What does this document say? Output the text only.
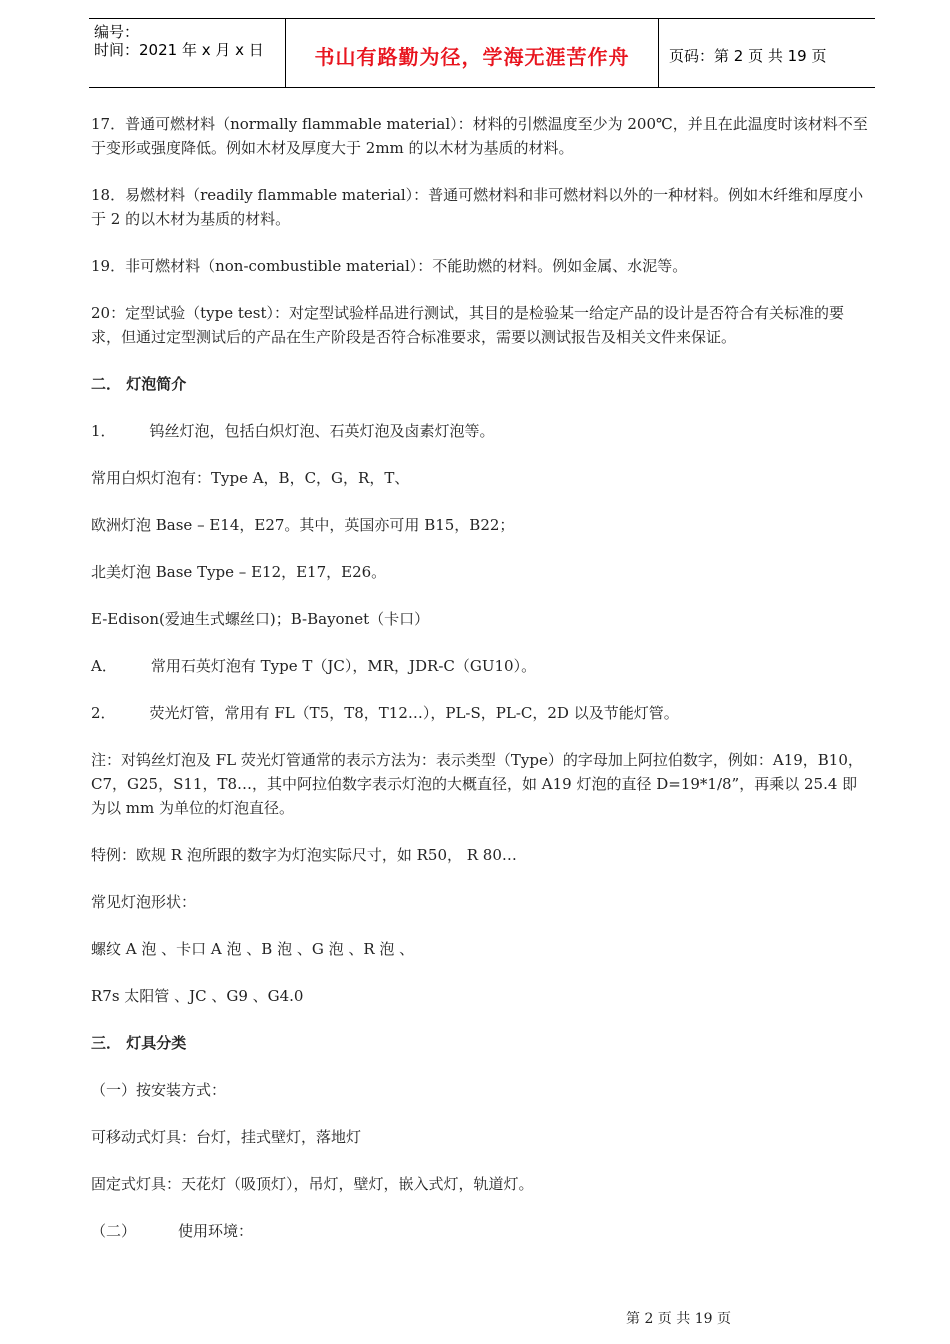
编号：
时间：2021 年 x 月 x 日	书山有路勤为径，学海无涯苦作舟	页码：第 2 页 共 19 页

17．普通可燃材料（normally flammable material）：材料的引燃温度至少为 200℃，并且在此温度时该材料不至于变形或强度降低。例如木材及厚度大于 2mm 的以木材为基质的材料。

18．易燃材料（readily flammable material）：普通可燃材料和非可燃材料以外的一种材料。例如木纤维和厚度小于 2 的以木材为基质的材料。

19．非可燃材料（non-combustible material）：不能助燃的材料。例如金属、水泥等。

20：定型试验（type test）：对定型试验样品进行测试，其目的是检验某一给定产品的设计是否符合有关标准的要求，但通过定型测试后的产品在生产阶段是否符合标准要求，需要以测试报告及相关文件来保证。

二． 灯泡简介

1． 钨丝灯泡，包括白炽灯泡、石英灯泡及卤素灯泡等。

常用白炽灯泡有：Type A，B，C，G，R，T、

欧洲灯泡 Base – E14，E27。其中，英国亦可用 B15，B22；

北美灯泡 Base Type – E12，E17，E26。

E-Edison(爱迪生式螺丝口)；B-Bayonet（卡口）

A． 常用石英灯泡有 Type T（JC），MR，JDR-C（GU10）。

2． 荧光灯管，常用有 FL（T5，T8，T12…），PL-S，PL-C，2D 以及节能灯管。

注：对钨丝灯泡及 FL 荧光灯管通常的表示方法为：表示类型（Type）的字母加上阿拉伯数字，例如：A19，B10，C7，G25，S11，T8…，其中阿拉伯数字表示灯泡的大概直径，如 A19 灯泡的直径 D=19*1/8”，再乘以 25.4 即为以 mm 为单位的灯泡直径。

特例：欧规 R 泡所跟的数字为灯泡实际尺寸，如 R50， R 80…

常见灯泡形状：

螺纹 A 泡 、卡口 A 泡 、B 泡 、G 泡 、R 泡 、

R7s 太阳管 、JC 、G9 、G4.0

三． 灯具分类

（一）按安装方式：

可移动式灯具：台灯，挂式壁灯，落地灯

固定式灯具：天花灯（吸顶灯），吊灯，壁灯，嵌入式灯，轨道灯。

（二）	使用环境：

第 2 页 共 19 页
